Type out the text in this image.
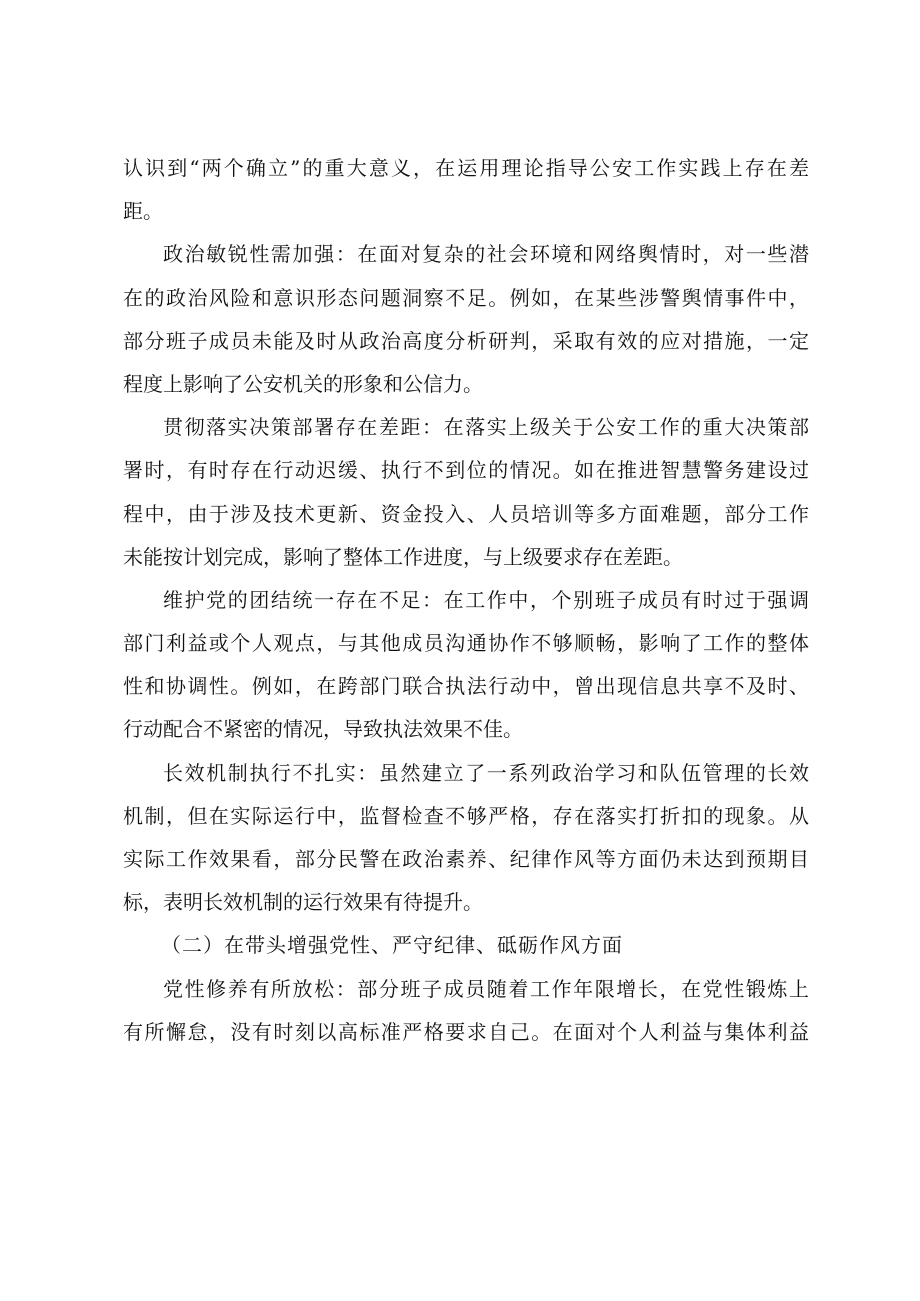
认识到“两个确立”的重大意义，在运用理论指导公安工作实践上存在差
距。
政治敏锐性需加强：在面对复杂的社会环境和网络舆情时，对一些潜
在的政治风险和意识形态问题洞察不足。例如，在某些涉警舆情事件中，
部分班子成员未能及时从政治高度分析研判，采取有效的应对措施，一定
程度上影响了公安机关的形象和公信力。
贯彻落实决策部署存在差距：在落实上级关于公安工作的重大决策部
署时，有时存在行动迟缓、执行不到位的情况。如在推进智慧警务建设过
程中，由于涉及技术更新、资金投入、人员培训等多方面难题，部分工作
未能按计划完成，影响了整体工作进度，与上级要求存在差距。
维护党的团结统一存在不足：在工作中，个别班子成员有时过于强调
部门利益或个人观点，与其他成员沟通协作不够顺畅，影响了工作的整体
性和协调性。例如，在跨部门联合执法行动中，曾出现信息共享不及时、
行动配合不紧密的情况，导致执法效果不佳。
长效机制执行不扎实：虽然建立了一系列政治学习和队伍管理的长效
机制，但在实际运行中，监督检查不够严格，存在落实打折扣的现象。从
实际工作效果看，部分民警在政治素养、纪律作风等方面仍未达到预期目
标，表明长效机制的运行效果有待提升。
（二）在带头增强党性、严守纪律、砥砺作风方面
党性修养有所放松：部分班子成员随着工作年限增长，在党性锻炼上
有所懈怠，没有时刻以高标准严格要求自己。在面对个人利益与集体利益
